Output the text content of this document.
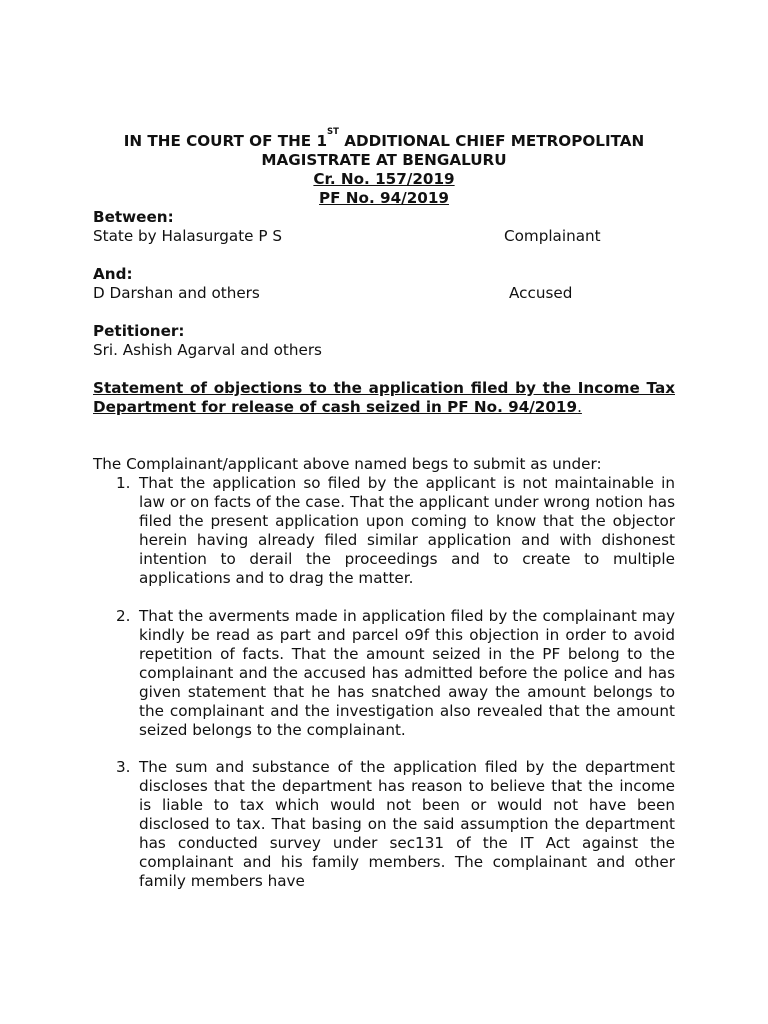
IN THE COURT OF THE 1ST ADDITIONAL CHIEF METROPOLITAN
MAGISTRATE AT BENGALURU
Cr. No. 157/2019
PF No. 94/2019
Between:
State by Halasurgate P S	Complainant
And:
D Darshan and others	Accused
Petitioner:
Sri. Ashish Agarval and others
Statement of objections to the application filed by the Income Tax Department for release of cash seized in PF No. 94/2019.
The Complainant/applicant above named begs to submit as under:
1. That the application so filed by the applicant is not maintainable in law or on facts of the case. That the applicant under wrong notion has filed the present application upon coming to know that the objector herein having already filed similar application and with dishonest intention to derail the proceedings and to create to multiple applications and to drag the matter.
2. That the averments made in application filed by the complainant may kindly be read as part and parcel o9f this objection in order to avoid repetition of facts. That the amount seized in the PF belong to the complainant and the accused has admitted before the police and has given statement that he has snatched away the amount belongs to the complainant and the investigation also revealed that the amount seized belongs to the complainant.
3. The sum and substance of the application filed by the department discloses that the department has reason to believe that the income is liable to tax which would not been or would not have been disclosed to tax. That basing on the said assumption the department has conducted survey under sec131 of the IT Act against the complainant and his family members. The complainant and other family members have
